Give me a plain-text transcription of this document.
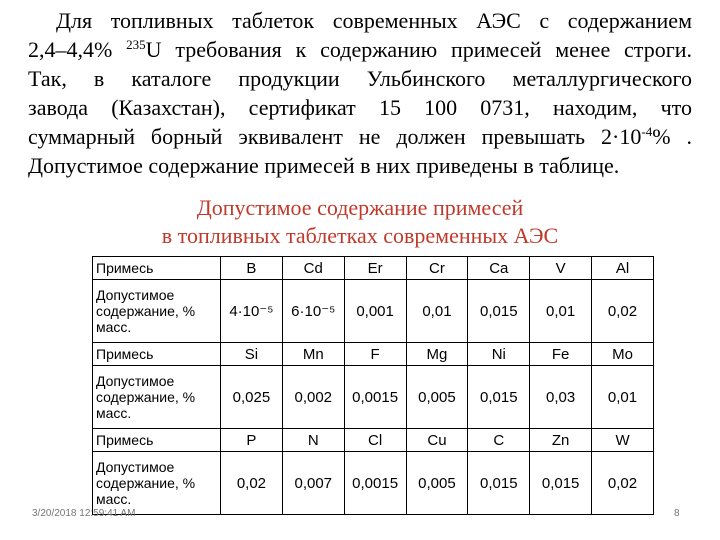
Для топливных таблеток современных АЭС с содержанием
2,4–4,4% $^{235}$U требования к содержанию примесей менее строги.
Так, в каталоге продукции Ульбинского металлургического
завода (Казахстан), сертификат 15 100 0731, находим, что
суммарный борный эквивалент не должен превышать $2\cdot 10^{-4}\%$ .
Допустимое содержание примесей в них приведены в таблице.
Допустимое содержание примесей
в топливных таблетках современных АЭС
Примесь	B	Cd	Er	Cr	Ca	V	Al
Допустимое содержание, % масс.	4·10⁻⁵	6·10⁻⁵	0,001	0,01	0,015	0,01	0,02
Примесь	Si	Mn	F	Mg	Ni	Fe	Mo
Допустимое содержание, % масс.	0,025	0,002	0,0015	0,005	0,015	0,03	0,01
Примесь	P	N	Cl	Cu	C	Zn	W
Допустимое содержание, % масс.	0,02	0,007	0,0015	0,005	0,015	0,015	0,02
3/20/2018 12:59:41 AM	8
